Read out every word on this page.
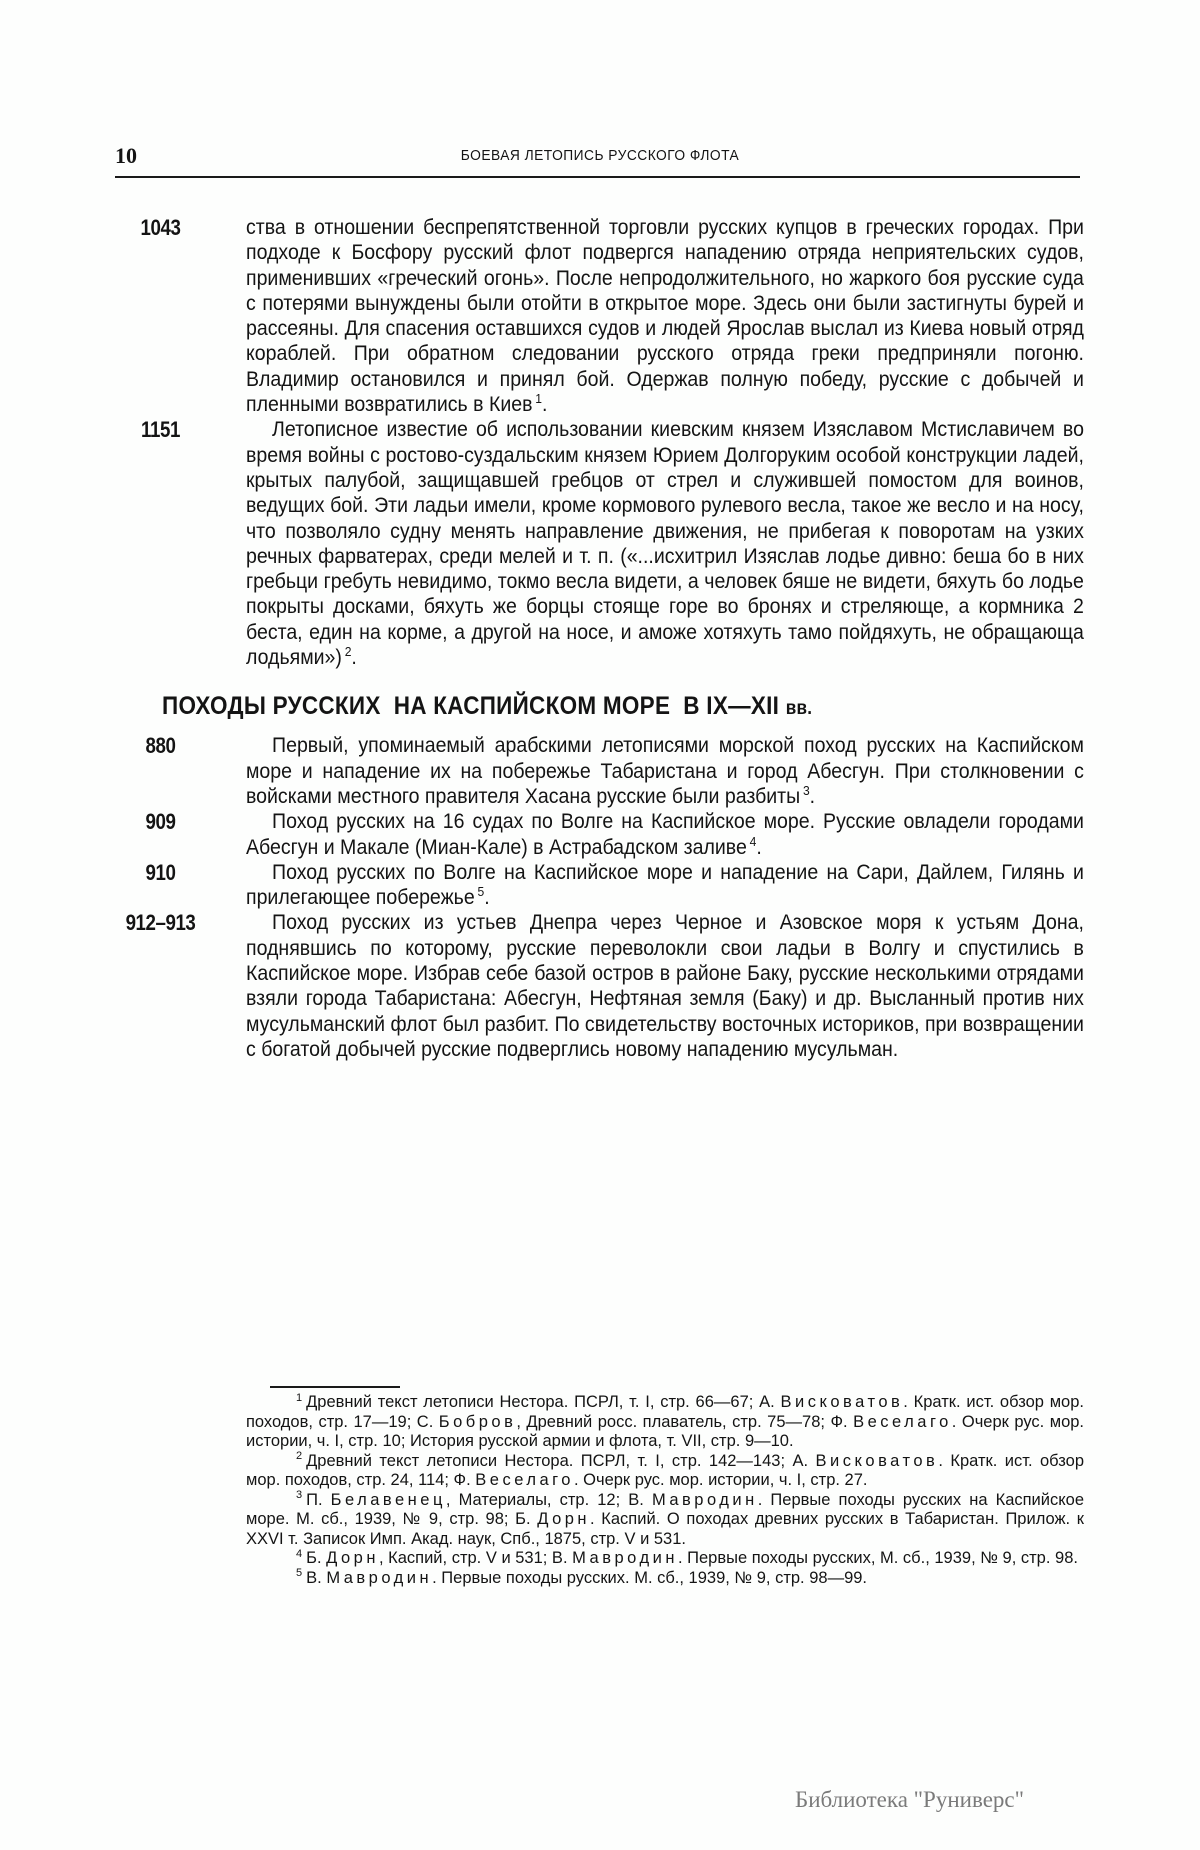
10	БОЕВАЯ ЛЕТОПИСЬ РУССКОГО ФЛОТА
1043	ства в отношении беспрепятственной торговли русских купцов в греческих городах. При подходе к Босфору русский флот подвергся нападению отряда неприятельских судов, применивших «греческий огонь». После непродолжительного, но жаркого боя русские суда с потерями вынуждены были отойти в открытое море. Здесь они были застигнуты бурей и рассеяны. Для спасения оставшихся судов и людей Ярослав выслал из Киева новый отряд кораблей. При обратном следовании русского отряда греки предприняли погоню. Владимир остановился и принял бой. Одержав полную победу, русские с добычей и пленными возвратились в Киев $^1$.
1151	Летописное известие об использовании киевским князем Изяславом Мстиславичем во время войны с ростово-суздальским князем Юрием Долгоруким особой конструкции ладей, крытых палубой, защищавшей гребцов от стрел и служившей помостом для воинов, ведущих бой. Эти ладьи имели, кроме кормового рулевого весла, такое же весло и на носу, что позволяло судну менять направление движения, не прибегая к поворотам на узких речных фарватерах, среди мелей и т. п. («...исхитрил Изяслав лодье дивно: беша бо в них гребьци гребуть невидимо, токмо весла видети, а человек бяше не видети, бяхуть бо лодье покрыты досками, бяхуть же борцы стояще горе во бронях и стреляюще, а кормника 2 беста, един на корме, а другой на носе, и аможе хотяхуть тамо пойдяхуть, не обращающа лодьями») $^2$.
ПОХОДЫ РУССКИХ  НА КАСПИЙСКОМ МОРЕ  В IX—XII вв.
880	Первый, упоминаемый арабскими летописями морской поход русских на Каспийском море и нападение их на побережье Табаристана и город Абесгун. При столкновении с войсками местного правителя Хасана русские были разбиты $^3$.
909	Поход русских на 16 судах по Волге на Каспийское море. Русские овладели городами Абесгун и Макале (Миан-Кале) в Астрабадском заливе $^4$.
910	Поход русских по Волге на Каспийское море и нападение на Сари, Дайлем, Гилянь и прилегающее побережье $^5$.
912–913	Поход русских из устьев Днепра через Черное и Азовское моря к устьям Дона, поднявшись по которому, русские переволокли свои ладьи в Волгу и спустились в Каспийское море. Избрав себе базой остров в районе Баку, русские несколькими отрядами взяли города Табаристана: Абесгун, Нефтяная земля (Баку) и др. Высланный против них мусульманский флот был разбит. По свидетельству восточных историков, при возвращении с богатой добычей русские подверглись новому нападению мусульман.

$^1$ Древний текст летописи Нестора. ПСРЛ, т. I, стр. 66—67; А. Висковатов. Кратк. ист. обзор мор. походов, стр. 17—19; С. Бобров, Древний росс. плаватель, стр. 75—78; Ф. Веселаго. Очерк рус. мор. истории, ч. I, стр. 10; История русской армии и флота, т. VII, стр. 9—10.

$^2$ Древний текст летописи Нестора. ПСРЛ, т. I, стр. 142—143; А. Висковатов. Кратк. ист. обзор мор. походов, стр. 24, 114; Ф. Веселаго. Очерк рус. мор. истории, ч. I, стр. 27.

$^3$ П. Белавенец, Материалы, стр. 12; В. Мавродин. Первые походы русских на Каспийское море. М. сб., 1939, № 9, стр. 98; Б. Дорн. Каспий. О походах древних русских в Табаристан. Прилож. к XXVI т. Записок Имп. Акад. наук, Спб., 1875, стр. V и 531.

$^4$ Б. Дорн, Каспий, стр. V и 531; В. Мавродин. Первые походы русских, М. сб., 1939, № 9, стр. 98.

$^5$ В. Мавродин. Первые походы русских. М. сб., 1939, № 9, стр. 98—99.

Библиотека "Руниверс"
